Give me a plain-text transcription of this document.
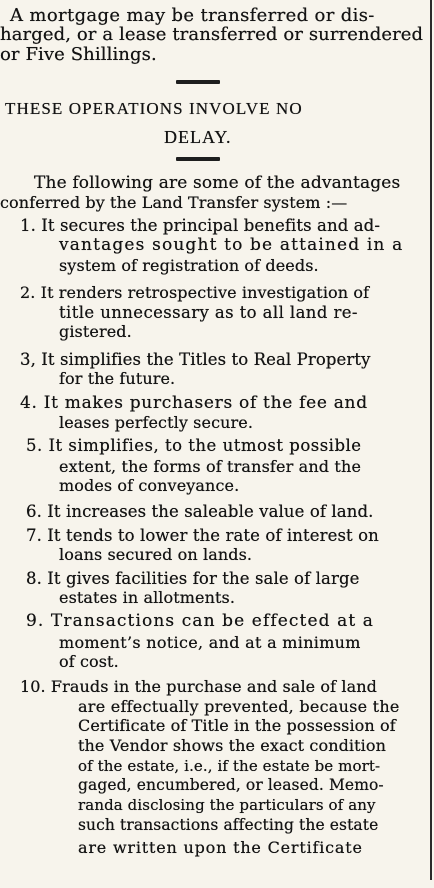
A mortgage may be transferred or dis-
harged, or a lease transferred or surrendered
or Five Shillings.
THESE OPERATIONS INVOLVE NO
DELAY.
The following are some of the advantages
conferred by the Land Transfer system :—
1. It secures the principal benefits and ad-
vantages sought to be attained in a
system of registration of deeds.
2. It renders retrospective investigation of
title unnecessary as to all land re-
gistered.
3, It simplifies the Titles to Real Property
for the future.
4. It makes purchasers of the fee and
leases perfectly secure.
5. It simplifies, to the utmost possible
extent, the forms of transfer and the
modes of conveyance.
6. It increases the saleable value of land.
7. It tends to lower the rate of interest on
loans secured on lands.
8. It gives facilities for the sale of large
estates in allotments.
9. Transactions can be effected at a
moment’s notice, and at a minimum
of cost.
10. Frauds in the purchase and sale of land
are effectually prevented, because the
Certificate of Title in the possession of
the Vendor shows the exact condition
of the estate, i.e., if the estate be mort-
gaged, encumbered, or leased. Memo-
randa disclosing the particulars of any
such transactions affecting the estate
are written upon the Certificate
